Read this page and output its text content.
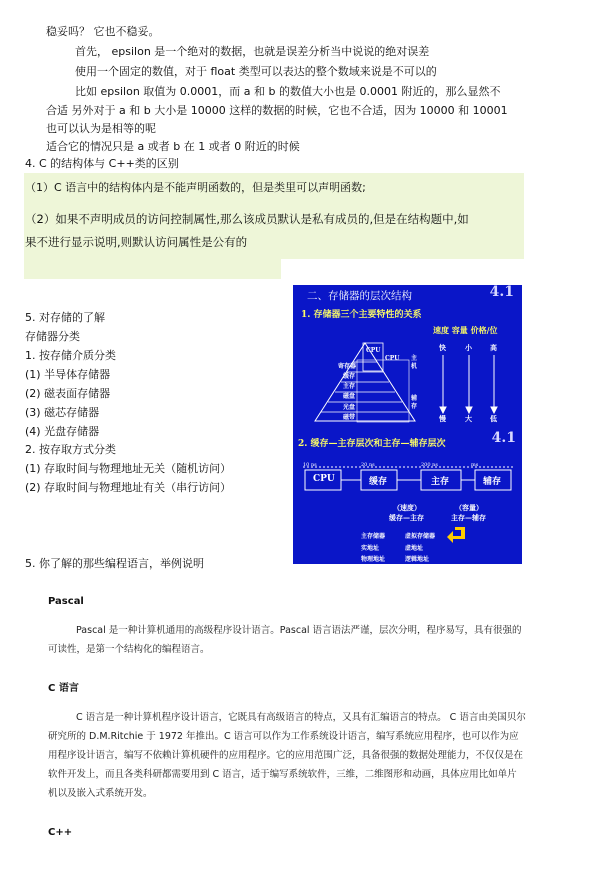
稳妥吗？ 它也不稳妥。
首先， epsilon 是一个绝对的数据，也就是误差分析当中说说的绝对误差
使用一个固定的数值，对于 float 类型可以表达的整个数域来说是不可以的
比如 epsilon 取值为 0.0001，而 a 和 b 的数值大小也是 0.0001 附近的，那么显然不
合适 另外对于 a 和 b 大小是 10000 这样的数据的时候，它也不合适，因为 10000 和 10001
也可以认为是相等的呢
适合它的情况只是 a 或者 b 在 1 或者 0 附近的时候
4. C 的结构体与 C++类的区别
（1）C 语言中的结构体内是不能声明函数的，但是类里可以声明函数;
（2）如果不声明成员的访问控制属性,那么该成员默认是私有成员的,但是在结构题中,如
果不进行显示说明,则默认访问属性是公有的
5. 对存储的了解
存储器分类
1. 按存储介质分类
(1) 半导体存储器
(2) 磁表面存储器
(3) 磁芯存储器
(4) 光盘存储器
2. 按存取方式分类
(1) 存取时间与物理地址无关（随机访问）
(2) 存取时间与物理地址有关（串行访问）
5. 你了解的那些编程语言，举例说明
二、存储器的层次结构	4.1
1. 存储器三个主要特性的关系
速度 容量 价格/位
快	小	高
慢	大	低
CPU
CPU 主机
辅存
寄存器
缓存
主存
磁盘
光盘
磁带
2. 缓存—主存层次和主存—辅存层次	4.1
10 ns	20 ns	200 ns	ms
CPU	缓存	主存	辅存
（速度）	（容量）
缓存—主存	主存—辅存
主存储器	虚拟存储器
实地址	虚地址
物理地址	逻辑地址
Pascal
Pascal 是一种计算机通用的高级程序设计语言。Pascal 语言语法严谨，层次分明，程序易写，具有很强的可读性，是第一个结构化的编程语言。
C 语言
C 语言是一种计算机程序设计语言，它既具有高级语言的特点，又具有汇编语言的特点。 C 语言由美国贝尔研究所的 D.M.Ritchie 于 1972 年推出。C 语言可以作为工作系统设计语言，编写系统应用程序，也可以作为应用程序设计语言，编写不依赖计算机硬件的应用程序。它的应用范围广泛，具备很强的数据处理能力，不仅仅是在软件开发上，而且各类科研都需要用到 C 语言，适于编写系统软件，三维，二维图形和动画，具体应用比如单片机以及嵌入式系统开发。
C++
